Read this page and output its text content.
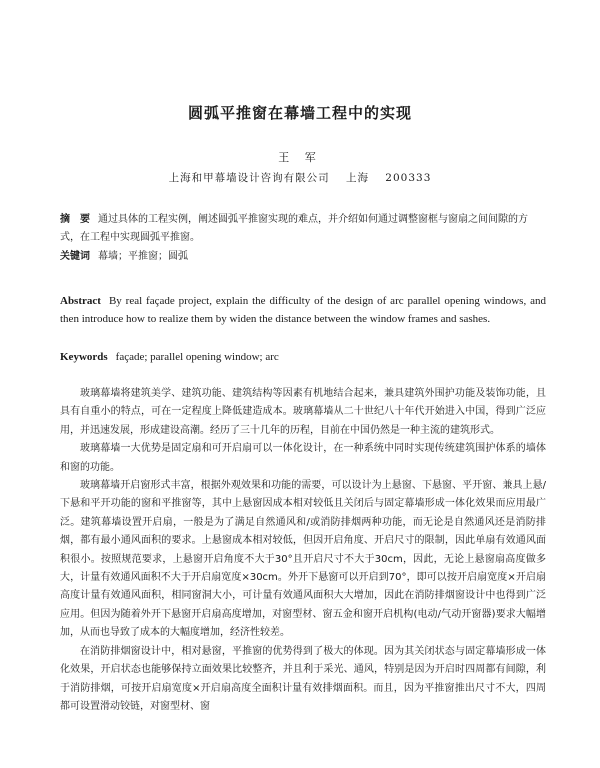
圆弧平推窗在幕墙工程中的实现
王 军
上海和甲幕墙设计咨询有限公司 上海 200333
摘　要 通过具体的工程实例，阐述圆弧平推窗实现的难点，并介绍如何通过调整窗框与窗扇之间间隙的方式，在工程中实现圆弧平推窗。
关键词 幕墙；平推窗；圆弧
Abstract By real façade project, explain the difficulty of the design of arc parallel opening windows, and then introduce how to realize them by widen the distance between the window frames and sashes.
Keywords façade; parallel opening window; arc

玻璃幕墙将建筑美学、建筑功能、建筑结构等因素有机地结合起来，兼具建筑外围护功能及装饰功能，且具有自重小的特点，可在一定程度上降低建造成本。玻璃幕墙从二十世纪八十年代开始进入中国，得到广泛应用，并迅速发展，形成建设高潮。经历了三十几年的历程，目前在中国仍然是一种主流的建筑形式。

玻璃幕墙一大优势是固定扇和可开启扇可以一体化设计，在一种系统中同时实现传统建筑围护体系的墙体和窗的功能。

玻璃幕墙开启窗形式丰富，根据外观效果和功能的需要，可以设计为上悬窗、下悬窗、平开窗、兼具上悬/下悬和平开功能的窗和平推窗等，其中上悬窗因成本相对较低且关闭后与固定幕墙形成一体化效果而应用最广泛。建筑幕墙设置开启扇，一般是为了满足自然通风和/或消防排烟两种功能，而无论是自然通风还是消防排烟，都有最小通风面积的要求。上悬窗成本相对较低，但因开启角度、开启尺寸的限制，因此单扇有效通风面积很小。按照规范要求，上悬窗开启角度不大于30°且开启尺寸不大于30cm，因此，无论上悬窗扇高度做多大，计量有效通风面积不大于开启扇宽度×30cm。外开下悬窗可以开启到70°，即可以按开启扇宽度×开启扇高度计量有效通风面积，相同窗洞大小，可计量有效通风面积大大增加，因此在消防排烟窗设计中也得到广泛应用。但因为随着外开下悬窗开启扇高度增加，对窗型材、窗五金和窗开启机构(电动/气动开窗器)要求大幅增加，从而也导致了成本的大幅度增加，经济性较差。

在消防排烟窗设计中，相对悬窗，平推窗的优势得到了极大的体现。因为其关闭状态与固定幕墙形成一体化效果，开启状态也能够保持立面效果比较整齐，并且利于采光、通风，特别是因为开启时四周都有间隙，利于消防排烟，可按开启扇宽度×开启扇高度全面积计量有效排烟面积。而且，因为平推窗推出尺寸不大，四周都可设置滑动铰链，对窗型材、窗
